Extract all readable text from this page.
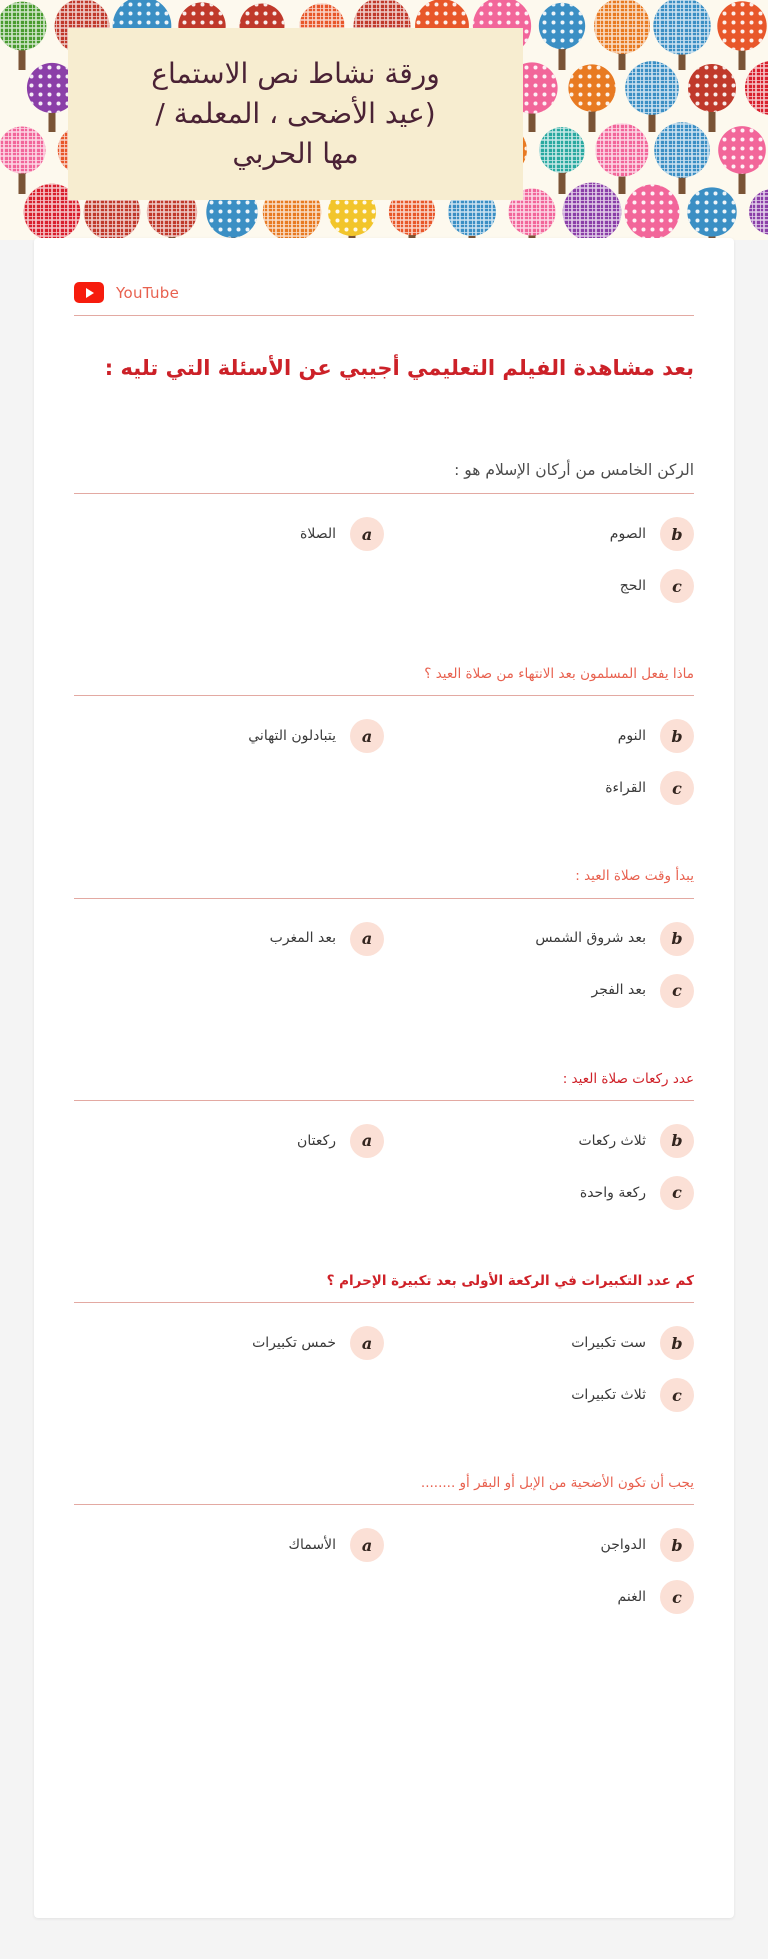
ورقة نشاط نص الاستماع
(عيد الأضحى ، المعلمة /
مها الحربي
YouTube
بعد مشاهدة الفيلم التعليمي أجيبي عن الأسئلة التي تليه :
الركن الخامس من أركان الإسلام هو :
b
الصوم
a
الصلاة
c
الحج
ماذا يفعل المسلمون بعد الانتهاء من صلاة العيد ؟
b
النوم
a
يتبادلون التهاني
c
القراءة
يبدأ وقت صلاة العيد :
b
بعد شروق الشمس
a
بعد المغرب
c
بعد الفجر
عدد ركعات صلاة العيد :
b
ثلاث ركعات
a
ركعتان
c
ركعة واحدة
كم عدد التكبيرات في الركعة الأولى بعد تكبيرة الإحرام ؟
b
ست تكبيرات
a
خمس تكبيرات
c
ثلاث تكبيرات
يجب أن تكون الأضحية من الإبل أو البقر أو ........
b
الدواجن
a
الأسماك
c
الغنم
